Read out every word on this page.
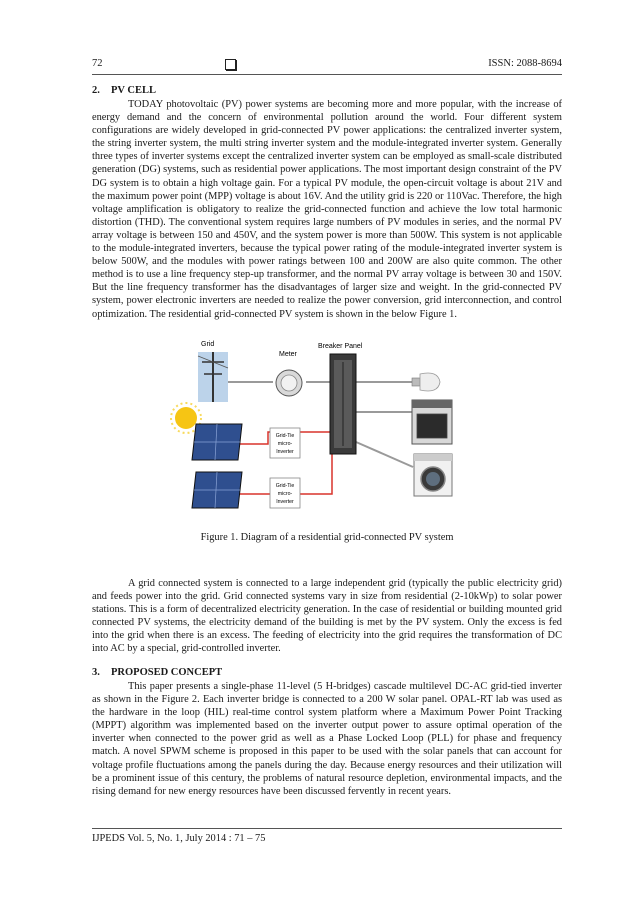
72	ISSN: 2088-8694
2. PV CELL

TODAY photovoltaic (PV) power systems are becoming more and more popular, with the increase of energy demand and the concern of environmental pollution around the world. Four different system configurations are widely developed in grid-connected PV power applications: the centralized inverter system, the string inverter system, the multi string inverter system and the module-integrated inverter system. Generally three types of inverter systems except the centralized inverter system can be employed as small-scale distributed generation (DG) systems, such as residential power applications. The most important design constraint of the PV DG system is to obtain a high voltage gain. For a typical PV module, the open-circuit voltage is about 21V and the maximum power point (MPP) voltage is about 16V. And the utility grid is 220 or 110Vac. Therefore, the high voltage amplification is obligatory to realize the grid-connected function and achieve the low total harmonic distortion (THD). The conventional system requires large numbers of PV modules in series, and the normal PV array voltage is between 150 and 450V, and the system power is more than 500W. This system is not applicable to the module-integrated inverters, because the typical power rating of the module-integrated inverter system is below 500W, and the modules with power ratings between 100 and 200W are also quite common. The other method is to use a line frequency step-up transformer, and the normal PV array voltage is between 30 and 150V. But the line frequency transformer has the disadvantages of larger size and weight. In the grid-connected PV system, power electronic inverters are needed to realize the power conversion, grid interconnection, and control optimization. The residential grid-connected PV system is shown in the below Figure 1.

Grid
Meter
Breaker Panel
Grid-Tie
micro-
Inverter
Grid-Tie
micro-
Inverter
Figure 1. Diagram of a residential grid-connected PV system

A grid connected system is connected to a large independent grid (typically the public electricity grid) and feeds power into the grid. Grid connected systems vary in size from residential (2-10kWp) to solar power stations. This is a form of decentralized electricity generation. In the case of residential or building mounted grid connected PV systems, the electricity demand of the building is met by the PV system. Only the excess is fed into the grid when there is an excess. The feeding of electricity into the grid requires the transformation of DC into AC by a special, grid-controlled inverter.

3. PROPOSED CONCEPT

This paper presents a single-phase 11-level (5 H-bridges) cascade multilevel DC-AC grid-tied inverter as shown in the Figure 2. Each inverter bridge is connected to a 200 W solar panel. OPAL-RT lab was used as the hardware in the loop (HIL) real-time control system platform where a Maximum Power Point Tracking (MPPT) algorithm was implemented based on the inverter output power to assure optimal operation of the inverter when connected to the power grid as well as a Phase Locked Loop (PLL) for phase and frequency match. A novel SPWM scheme is proposed in this paper to be used with the solar panels that can account for voltage profile fluctuations among the panels during the day. Because energy resources and their utilization will be a prominent issue of this century, the problems of natural resource depletion, environmental impacts, and the rising demand for new energy resources have been discussed fervently in recent years.

IJPEDS Vol. 5, No. 1, July 2014 : 71 – 75
